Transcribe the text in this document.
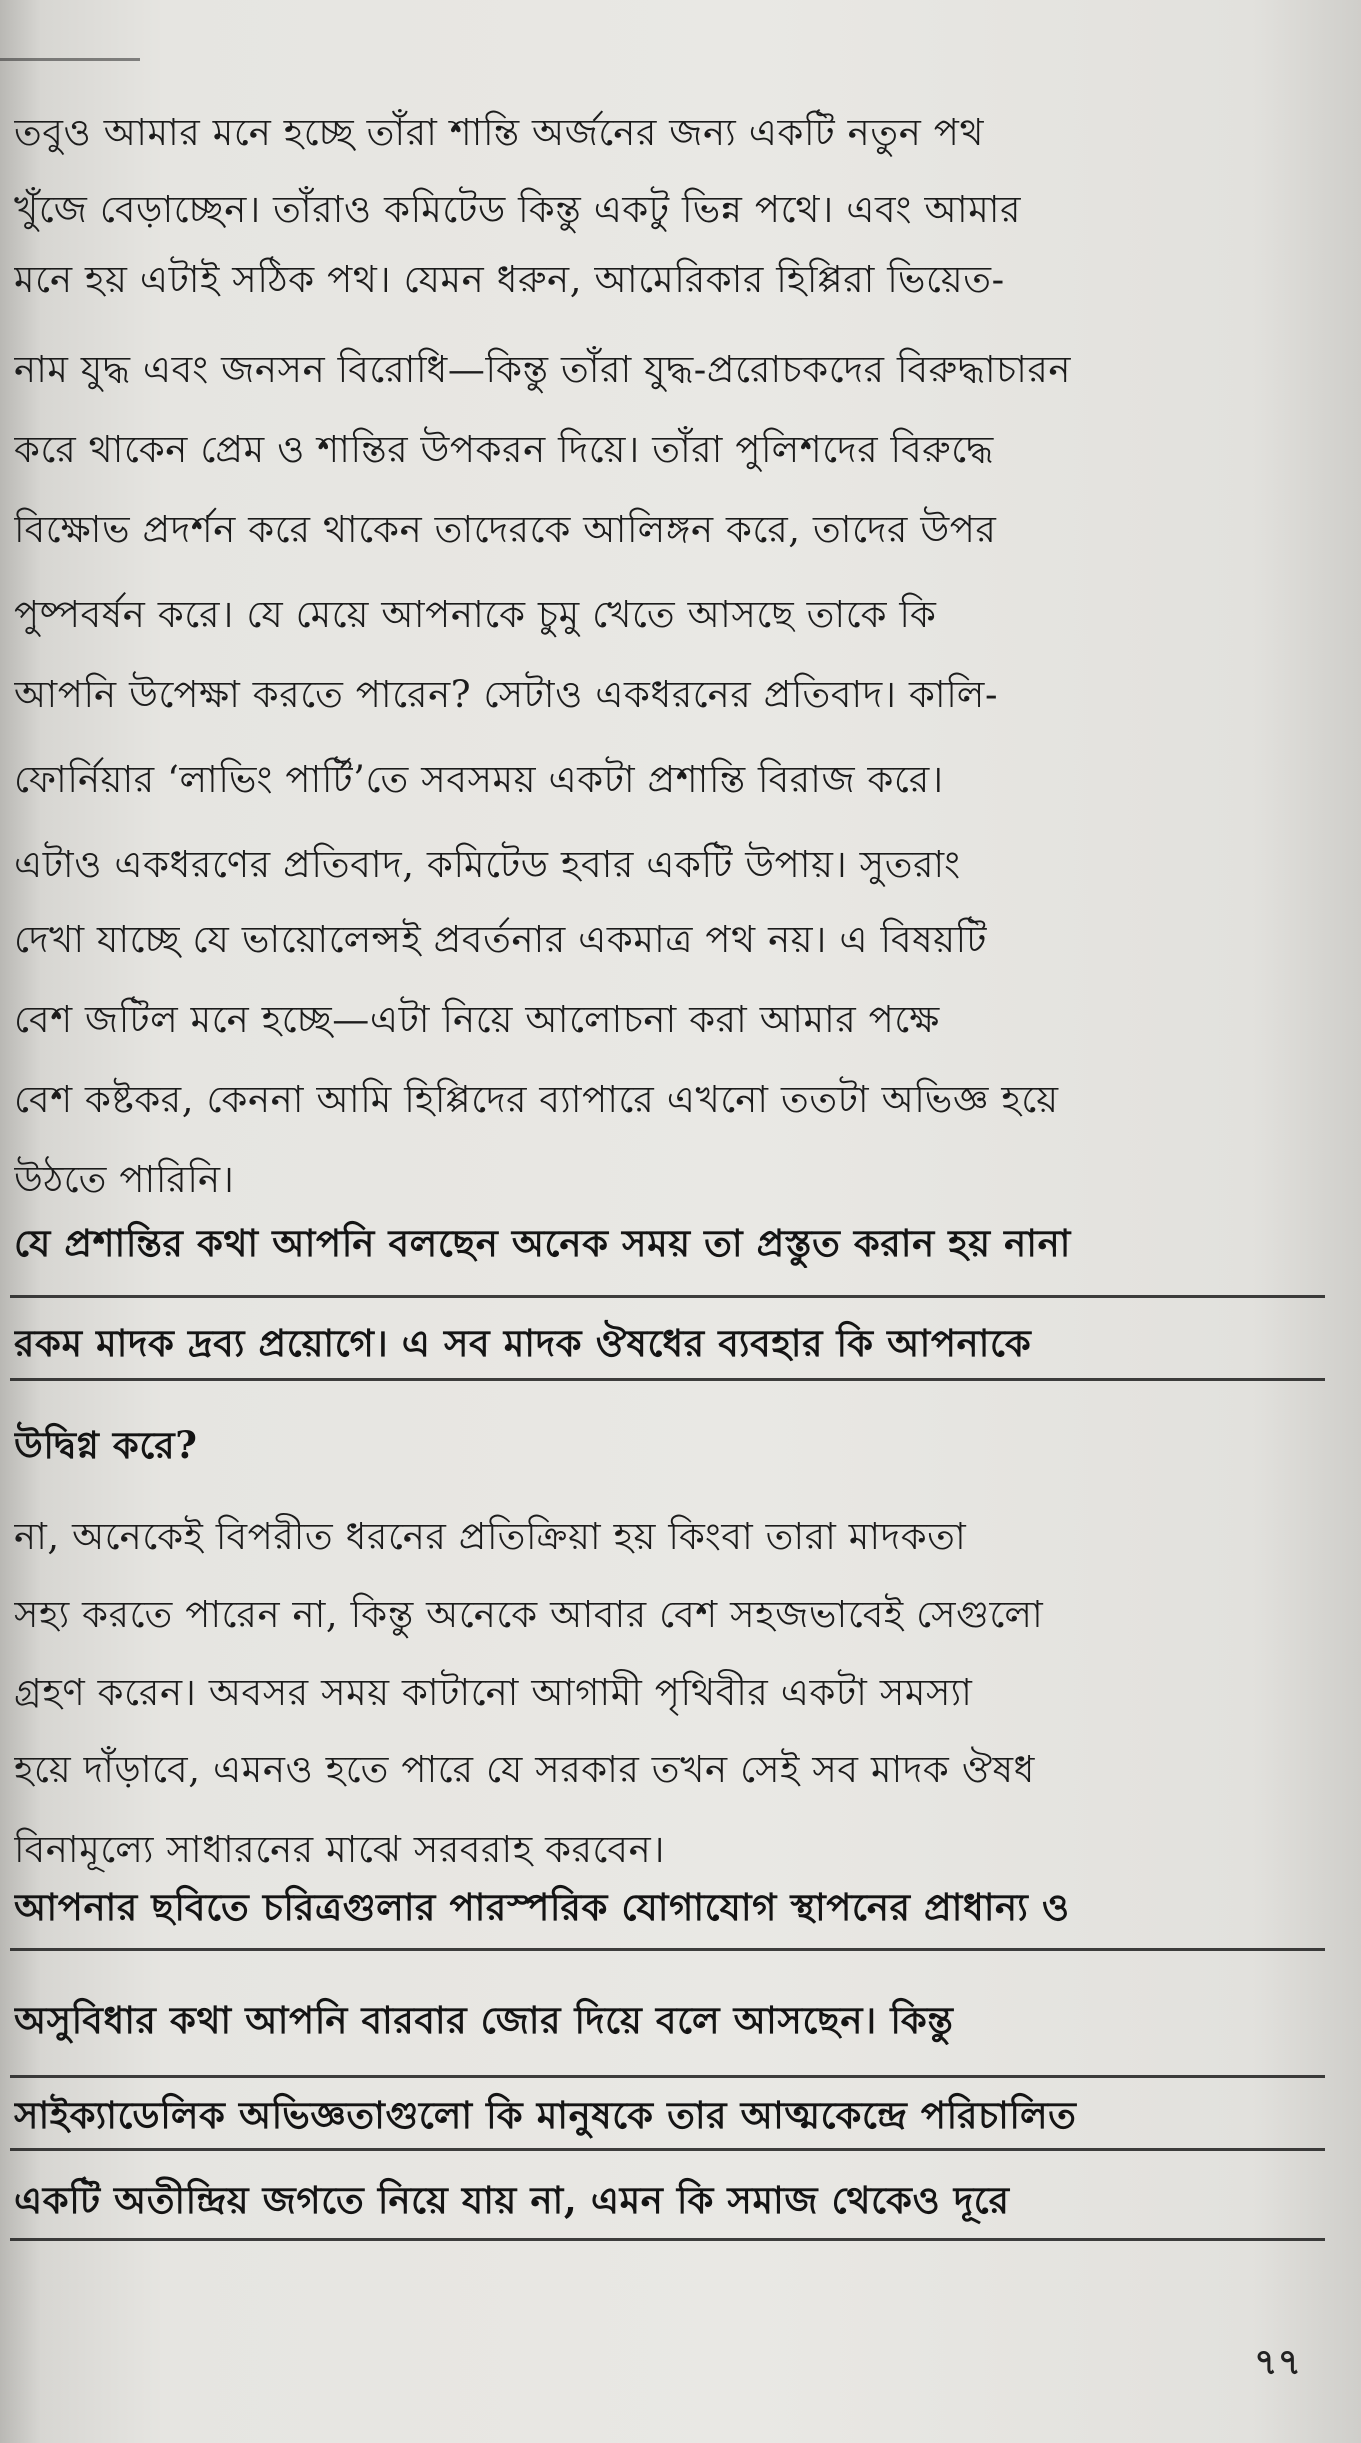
তবুও আমার মনে হচ্ছে তাঁরা শান্তি অর্জনের জন্য একটি নতুন পথ
খুঁজে বেড়াচ্ছেন। তাঁরাও কমিটেড কিন্তু একটু ভিন্ন পথে। এবং আমার
মনে হয় এটাই সঠিক পথ। যেমন ধরুন, আমেরিকার হিপ্পিরা ভিয়েত-
নাম যুদ্ধ এবং জনসন বিরোধি—কিন্তু তাঁরা যুদ্ধ-প্ররোচকদের বিরুদ্ধাচারন
করে থাকেন প্রেম ও শান্তির উপকরন দিয়ে। তাঁরা পুলিশদের বিরুদ্ধে
বিক্ষোভ প্রদর্শন করে থাকেন তাদেরকে আলিঙ্গন করে, তাদের উপর
পুষ্পবর্ষন করে। যে মেয়ে আপনাকে চুমু খেতে আসছে তাকে কি
আপনি উপেক্ষা করতে পারেন? সেটাও একধরনের প্রতিবাদ। কালি-
ফোর্নিয়ার ‘লাভিং পার্টি’তে সবসময় একটা প্রশান্তি বিরাজ করে।
এটাও একধরণের প্রতিবাদ, কমিটেড হবার একটি উপায়। সুতরাং
দেখা যাচ্ছে যে ভায়োলেন্সই প্রবর্তনার একমাত্র পথ নয়। এ বিষয়টি
বেশ জটিল মনে হচ্ছে—এটা নিয়ে আলোচনা করা আমার পক্ষে
বেশ কষ্টকর, কেননা আমি হিপ্পিদের ব্যাপারে এখনো ততটা অভিজ্ঞ হয়ে
উঠতে পারিনি।
যে প্রশান্তির কথা আপনি বলছেন অনেক সময় তা প্রস্তুত করান হয় নানা
রকম মাদক দ্রব্য প্রয়োগে। এ সব মাদক ঔষধের ব্যবহার কি আপনাকে
উদ্বিগ্ন করে?
না, অনেকেই বিপরীত ধরনের প্রতিক্রিয়া হয় কিংবা তারা মাদকতা
সহ্য করতে পারেন না, কিন্তু অনেকে আবার বেশ সহজভাবেই সেগুলো
গ্রহণ করেন। অবসর সময় কাটানো আগামী পৃথিবীর একটা সমস্যা
হয়ে দাঁড়াবে, এমনও হতে পারে যে সরকার তখন সেই সব মাদক ঔষধ
বিনামূল্যে সাধারনের মাঝে সরবরাহ করবেন।
আপনার ছবিতে চরিত্রগুলার পারস্পরিক যোগাযোগ স্থাপনের প্রাধান্য ও
অসুবিধার কথা আপনি বারবার জোর দিয়ে বলে আসছেন। কিন্তু
সাইক্যাডেলিক অভিজ্ঞতাগুলো কি মানুষকে তার আত্মকেন্দ্রে পরিচালিত
একটি অতীন্দ্রিয় জগতে নিয়ে যায় না, এমন কি সমাজ থেকেও দূরে
৭৭
